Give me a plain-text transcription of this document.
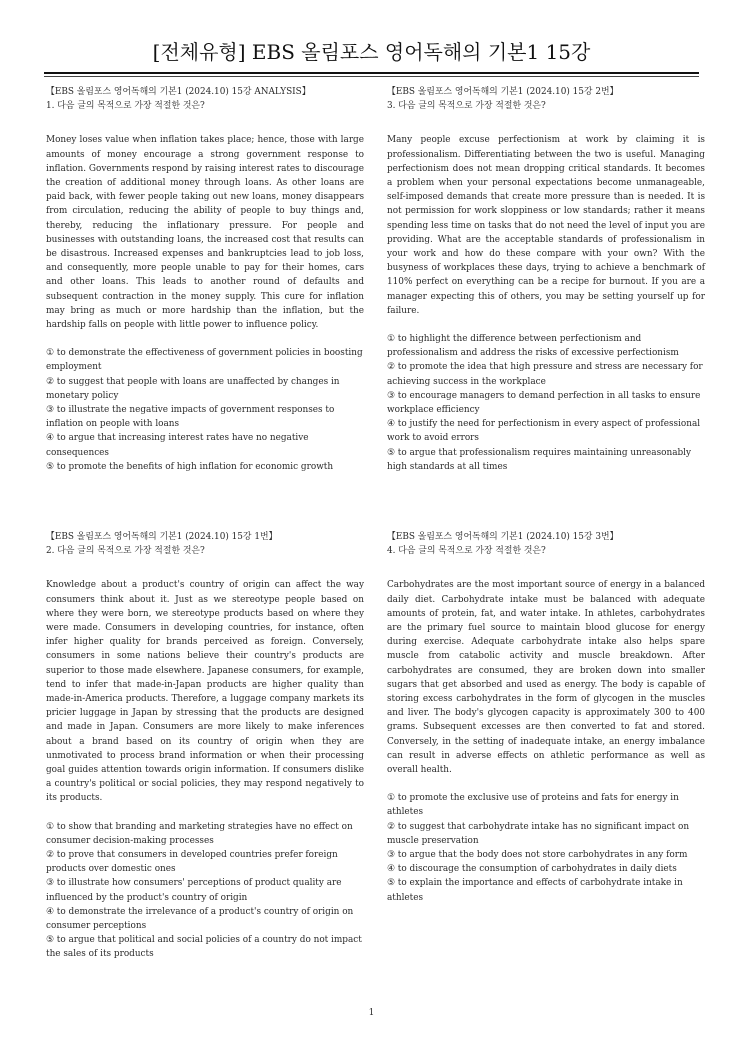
[전체유형] EBS 올림포스 영어독해의 기본1 15강

【EBS 올림포스 영어독해의 기본1 (2024.10) 15강 ANALYSIS】

1. 다음 글의 목적으로 가장 적절한 것은?

Money loses value when inflation takes place; hence, those with large amounts of money encourage a strong government response to inflation. Governments respond by raising interest rates to discourage the creation of additional money through loans. As other loans are paid back, with fewer people taking out new loans, money disappears from circulation, reducing the ability of people to buy things and, thereby, reducing the inflationary pressure. For people and businesses with outstanding loans, the increased cost that results can be disastrous. Increased expenses and bankruptcies lead to job loss, and consequently, more people unable to pay for their homes, cars and other loans. This leads to another round of defaults and subsequent contraction in the money supply. This cure for inflation may bring as much or more hardship than the inflation, but the hardship falls on people with little power to influence policy.

① to demonstrate the effectiveness of government policies in boosting employment

② to suggest that people with loans are unaffected by changes in monetary policy

③ to illustrate the negative impacts of government responses to inflation on people with loans

④ to argue that increasing interest rates have no negative consequences

⑤ to promote the benefits of high inflation for economic growth

【EBS 올림포스 영어독해의 기본1 (2024.10) 15강 2번】

3. 다음 글의 목적으로 가장 적절한 것은?

Many people excuse perfectionism at work by claiming it is professionalism. Differentiating between the two is useful. Managing perfectionism does not mean dropping critical standards. It becomes a problem when your personal expectations become unmanageable, self-imposed demands that create more pressure than is needed. It is not permission for work sloppiness or low standards; rather it means spending less time on tasks that do not need the level of input you are providing. What are the acceptable standards of professionalism in your work and how do these compare with your own? With the busyness of workplaces these days, trying to achieve a benchmark of 110% perfect on everything can be a recipe for burnout. If you are a manager expecting this of others, you may be setting yourself up for failure.

① to highlight the difference between perfectionism and professionalism and address the risks of excessive perfectionism

② to promote the idea that high pressure and stress are necessary for achieving success in the workplace

③ to encourage managers to demand perfection in all tasks to ensure workplace efficiency

④ to justify the need for perfectionism in every aspect of professional work to avoid errors

⑤ to argue that professionalism requires maintaining unreasonably high standards at all times

【EBS 올림포스 영어독해의 기본1 (2024.10) 15강 1번】

2. 다음 글의 목적으로 가장 적절한 것은?

Knowledge about a product's country of origin can affect the way consumers think about it. Just as we stereotype people based on where they were born, we stereotype products based on where they were made. Consumers in developing countries, for instance, often infer higher quality for brands perceived as foreign. Conversely, consumers in some nations believe their country's products are superior to those made elsewhere. Japanese consumers, for example, tend to infer that made-in-Japan products are higher quality than made-in-America products. Therefore, a luggage company markets its pricier luggage in Japan by stressing that the products are designed and made in Japan. Consumers are more likely to make inferences about a brand based on its country of origin when they are unmotivated to process brand information or when their processing goal guides attention towards origin information. If consumers dislike a country's political or social policies, they may respond negatively to its products.

① to show that branding and marketing strategies have no effect on consumer decision-making processes

② to prove that consumers in developed countries prefer foreign products over domestic ones

③ to illustrate how consumers' perceptions of product quality are influenced by the product's country of origin

④ to demonstrate the irrelevance of a product's country of origin on consumer perceptions

⑤ to argue that political and social policies of a country do not impact the sales of its products

【EBS 올림포스 영어독해의 기본1 (2024.10) 15강 3번】

4. 다음 글의 목적으로 가장 적절한 것은?

Carbohydrates are the most important source of energy in a balanced daily diet. Carbohydrate intake must be balanced with adequate amounts of protein, fat, and water intake. In athletes, carbohydrates are the primary fuel source to maintain blood glucose for energy during exercise. Adequate carbohydrate intake also helps spare muscle from catabolic activity and muscle breakdown. After carbohydrates are consumed, they are broken down into smaller sugars that get absorbed and used as energy. The body is capable of storing excess carbohydrates in the form of glycogen in the muscles and liver. The body's glycogen capacity is approximately 300 to 400 grams. Subsequent excesses are then converted to fat and stored. Conversely, in the setting of inadequate intake, an energy imbalance can result in adverse effects on athletic performance as well as overall health.

① to promote the exclusive use of proteins and fats for energy in athletes

② to suggest that carbohydrate intake has no significant impact on muscle preservation

③ to argue that the body does not store carbohydrates in any form

④ to discourage the consumption of carbohydrates in daily diets

⑤ to explain the importance and effects of carbohydrate intake in athletes

1
